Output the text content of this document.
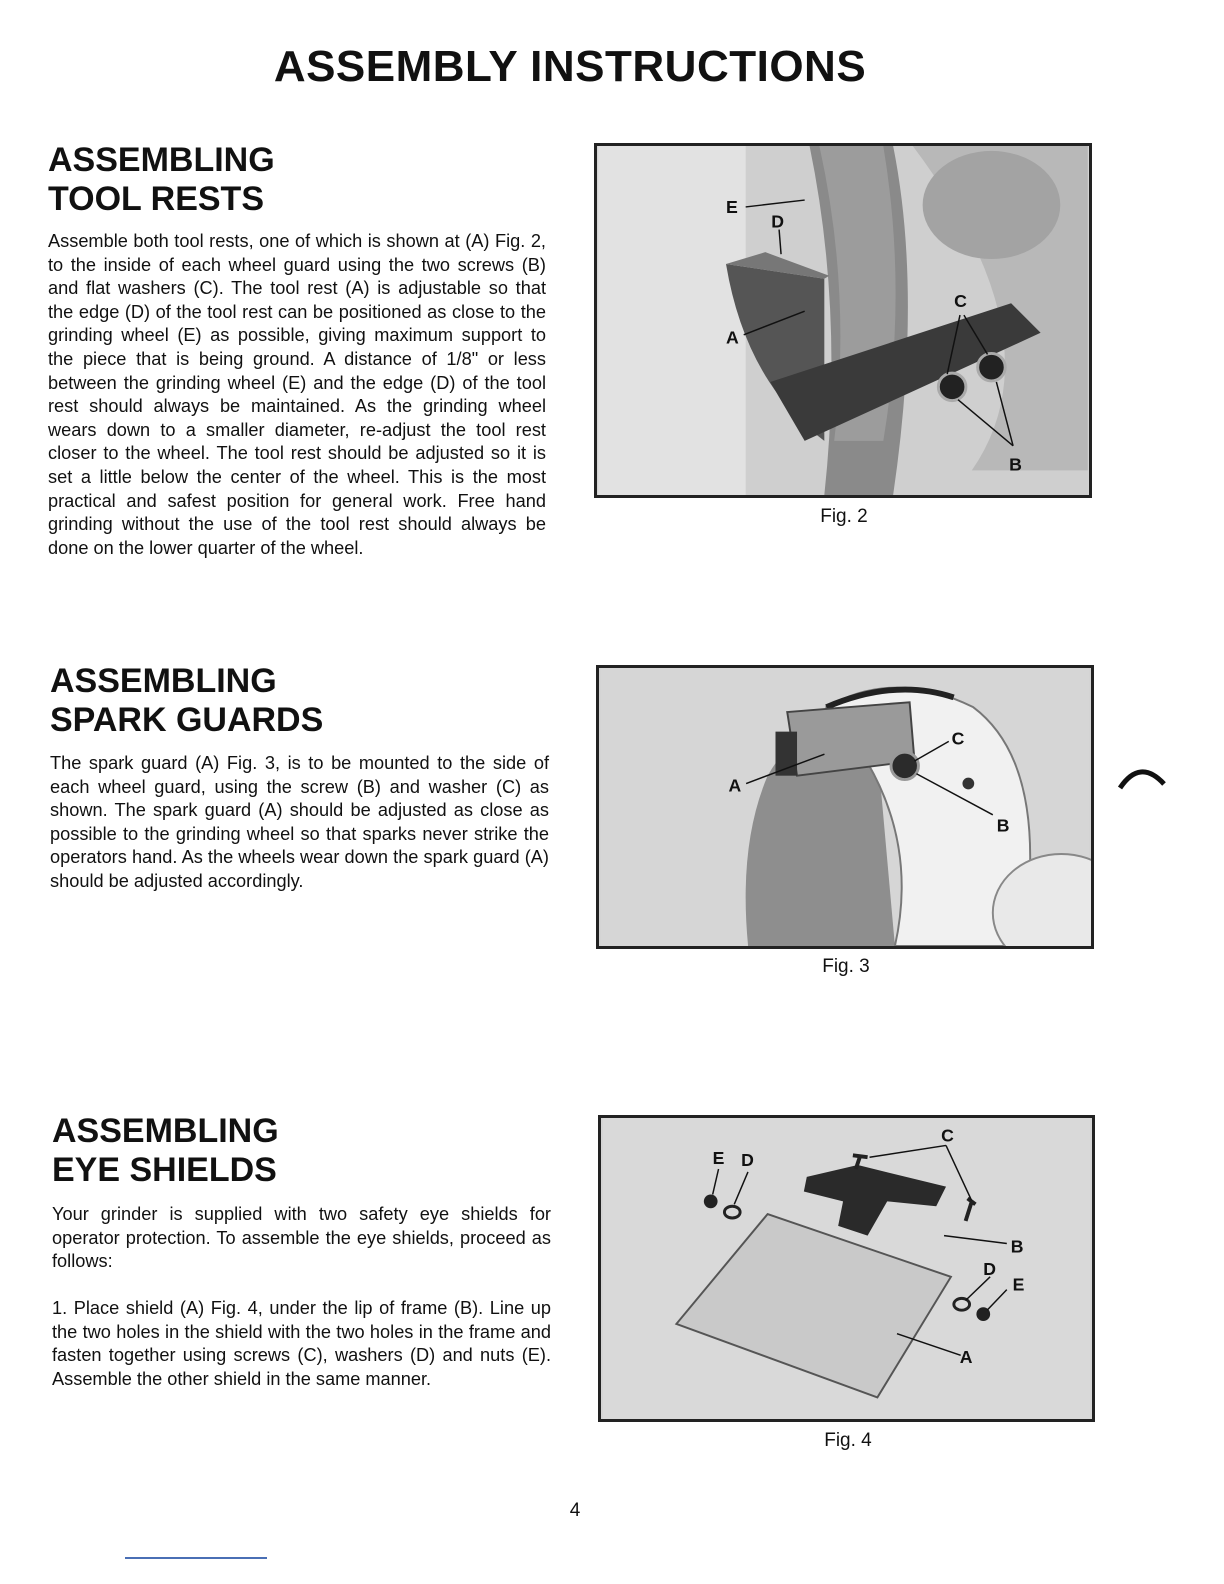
ASSEMBLY INSTRUCTIONS
ASSEMBLING
TOOL RESTS

Assemble both tool rests, one of which is shown at (A) Fig. 2, to the inside of each wheel guard using the two screws (B) and flat washers (C). The tool rest (A) is adjustable so that the edge (D) of the tool rest can be positioned as close to the grinding wheel (E) as possible, giving maximum support to the piece that is being ground. A distance of 1/8" or less between the grinding wheel (E) and the edge (D) of the tool rest should always be maintained. As the grinding wheel wears down to a smaller diameter, re-adjust the tool rest closer to the wheel. The tool rest should be adjusted so it is set a little below the center of the wheel. This is the most practical and safest position for general work. Free hand grinding without the use of the tool rest should always be done on the lower quarter of the wheel.

E
D
A
C
B
Fig. 2
ASSEMBLING
SPARK GUARDS

The spark guard (A) Fig. 3, is to be mounted to the side of each wheel guard, using the screw (B) and washer (C) as shown. The spark guard (A) should be adjusted as close as possible to the grinding wheel so that sparks never strike the operators hand. As the wheels wear down the spark guard (A) should be adjusted accordingly.

A
C
B
Fig. 3
ASSEMBLING
EYE SHIELDS

Your grinder is supplied with two safety eye shields for operator protection. To assemble the eye shields, proceed as follows:

1. Place shield (A) Fig. 4, under the lip of frame (B). Line up the two holes in the shield with the two holes in the frame and fasten together using screws (C), washers (D) and nuts (E). Assemble the other shield in the same manner.

E D
C
B
D
E
A
Fig. 4
4
